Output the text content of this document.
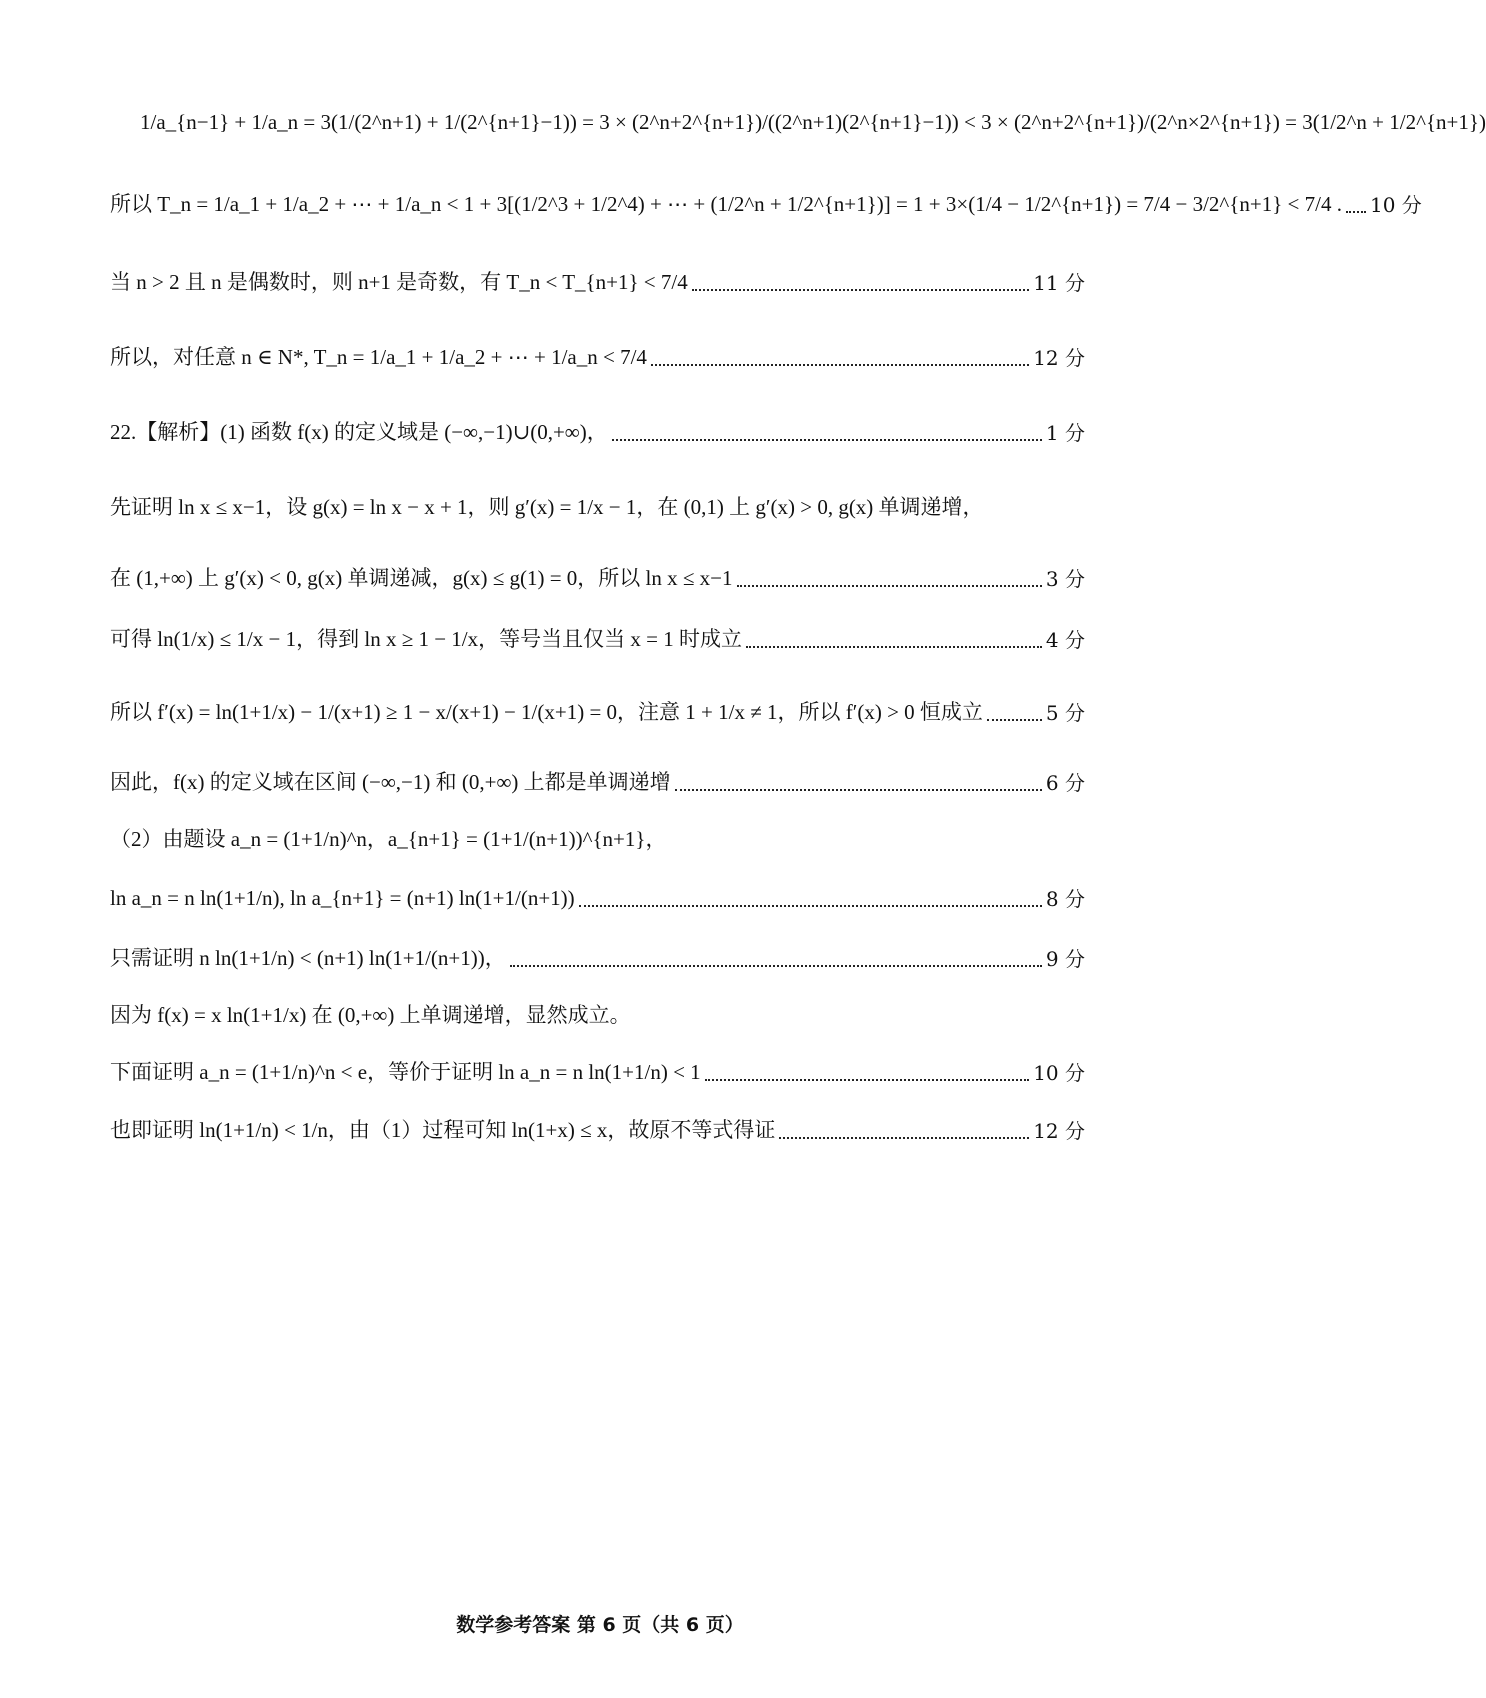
1/a_{n−1} + 1/a_n = 3(1/(2^n+1) + 1/(2^{n+1}−1)) = 3 × (2^n+2^{n+1})/((2^n+1)(2^{n+1}−1)) < 3 × (2^n+2^{n+1})/(2^n×2^{n+1}) = 3(1/2^n + 1/2^{n+1})
所以 T_n = 1/a_1 + 1/a_2 + ⋯ + 1/a_n < 1 + 3[(1/2^3 + 1/2^4) + ⋯ + (1/2^n + 1/2^{n+1})] = 1 + 3×(1/4 − 1/2^{n+1}) = 7/4 − 3/2^{n+1} < 7/4 . 10 分
当 n > 2 且 n 是偶数时，则 n+1 是奇数，有 T_n < T_{n+1} < 7/4	11 分
所以，对任意 n ∈ N*, T_n = 1/a_1 + 1/a_2 + ⋯ + 1/a_n < 7/4	12 分
22.【解析】(1) 函数 f(x) 的定义域是 (−∞,−1)∪(0,+∞)，	1 分
先证明 ln x ≤ x−1，设 g(x) = ln x − x + 1，则 g′(x) = 1/x − 1，在 (0,1) 上 g′(x) > 0, g(x) 单调递增，
在 (1,+∞) 上 g′(x) < 0, g(x) 单调递减，g(x) ≤ g(1) = 0，所以 ln x ≤ x−1	3 分
可得 ln(1/x) ≤ 1/x − 1，得到 ln x ≥ 1 − 1/x，等号当且仅当 x = 1 时成立	4 分
所以 f′(x) = ln(1+1/x) − 1/(x+1) ≥ 1 − x/(x+1) − 1/(x+1) = 0，注意 1 + 1/x ≠ 1，所以 f′(x) > 0 恒成立	5 分
因此，f(x) 的定义域在区间 (−∞,−1) 和 (0,+∞) 上都是单调递增	6 分
（2）由题设 a_n = (1+1/n)^n，a_{n+1} = (1+1/(n+1))^{n+1}，
ln a_n = n ln(1+1/n), ln a_{n+1} = (n+1) ln(1+1/(n+1))	8 分
只需证明 n ln(1+1/n) < (n+1) ln(1+1/(n+1))，	9 分
因为 f(x) = x ln(1+1/x) 在 (0,+∞) 上单调递增，显然成立。
下面证明 a_n = (1+1/n)^n < e，等价于证明 ln a_n = n ln(1+1/n) < 1	10 分
也即证明 ln(1+1/n) < 1/n，由（1）过程可知 ln(1+x) ≤ x，故原不等式得证	12 分
数学参考答案 第 6 页（共 6 页）
